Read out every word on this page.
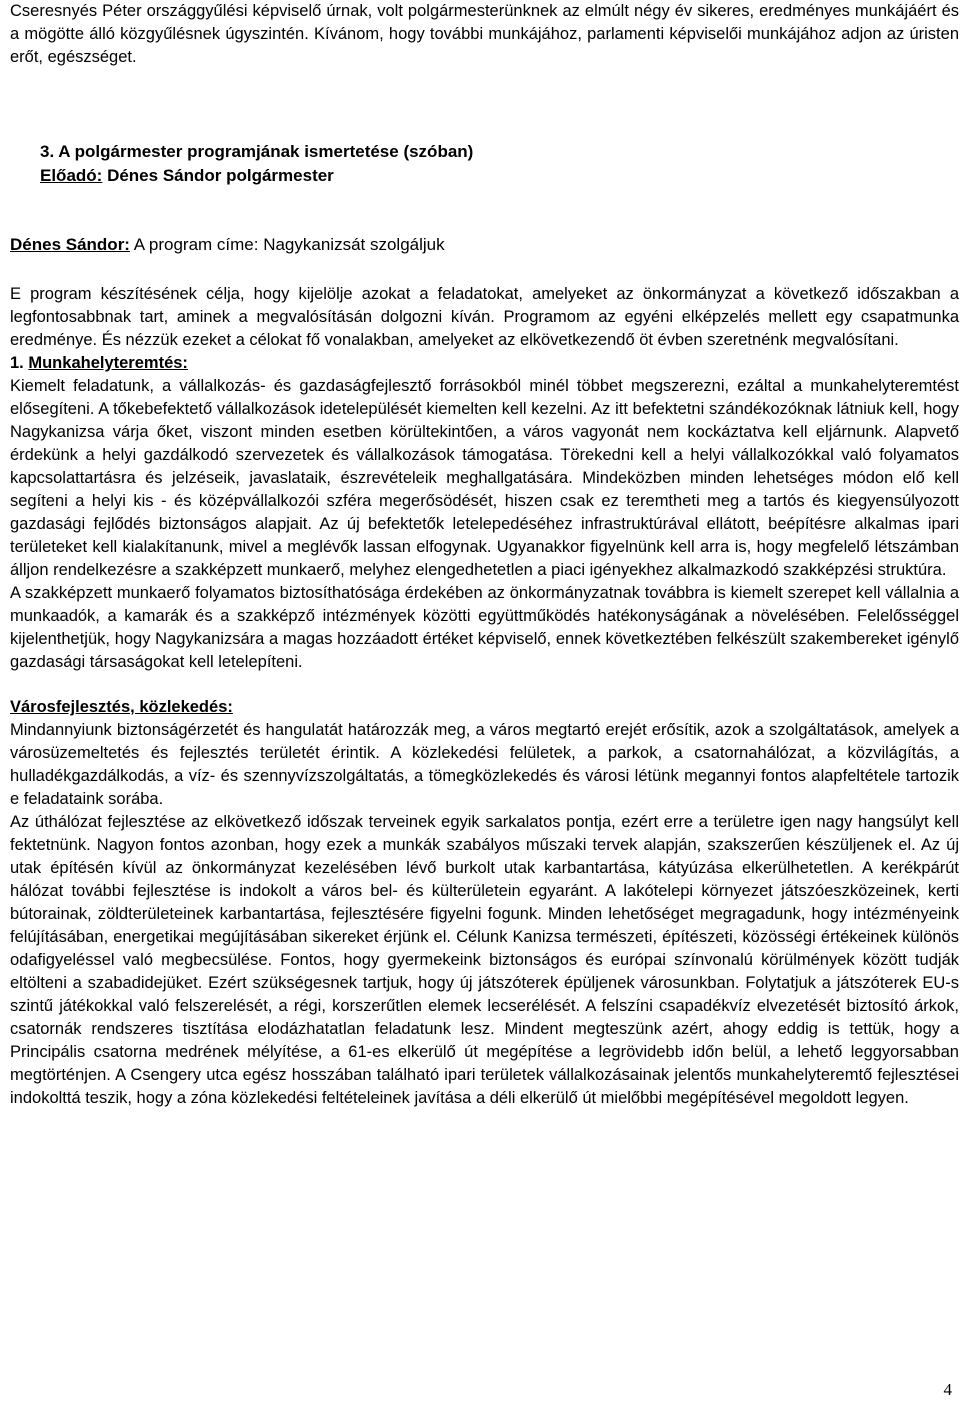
Cseresnyés Péter országgyűlési képviselő úrnak, volt polgármesterünknek az elmúlt négy év sikeres, eredményes munkájáért és a mögötte álló közgyűlésnek úgyszintén. Kívánom, hogy további munkájához, parlamenti képviselői munkájához adjon az úristen erőt, egészséget.

3. A polgármester programjának ismertetése (szóban)

Előadó: Dénes Sándor polgármester

Dénes Sándor: A program címe: Nagykanizsát szolgáljuk

E program készítésének célja, hogy kijelölje azokat a feladatokat, amelyeket az önkormányzat a következő időszakban a legfontosabbnak tart, aminek a megvalósításán dolgozni kíván. Programom az egyéni elképzelés mellett egy csapatmunka eredménye. És nézzük ezeket a célokat fő vonalakban, amelyeket az elkövetkezendő öt évben szeretnénk megvalósítani.

1. Munkahelyteremtés:

Kiemelt feladatunk, a vállalkozás- és gazdaságfejlesztő forrásokból minél többet megszerezni, ezáltal a munkahelyteremtést elősegíteni. A tőkebefektető vállalkozások idetelepülését kiemelten kell kezelni. Az itt befektetni szándékozóknak látniuk kell, hogy Nagykanizsa várja őket, viszont minden esetben körültekintően, a város vagyonát nem kockáztatva kell eljárnunk. Alapvető érdekünk a helyi gazdálkodó szervezetek és vállalkozások támogatása. Törekedni kell a helyi vállalkozókkal való folyamatos kapcsolattartásra és jelzéseik, javaslataik, észrevételeik meghallgatására. Mindeközben minden lehetséges módon elő kell segíteni a helyi kis - és középvállalkozói szféra megerősödését, hiszen csak ez teremtheti meg a tartós és kiegyensúlyozott gazdasági fejlődés biztonságos alapjait. Az új befektetők letelepedéséhez infrastruktúrával ellátott, beépítésre alkalmas ipari területeket kell kialakítanunk, mivel a meglévők lassan elfogynak. Ugyanakkor figyelnünk kell arra is, hogy megfelelő létszámban álljon rendelkezésre a szakképzett munkaerő, melyhez elengedhetetlen a piaci igényekhez alkalmazkodó szakképzési struktúra.

A szakképzett munkaerő folyamatos biztosíthatósága érdekében az önkormányzatnak továbbra is kiemelt szerepet kell vállalnia a munkaadók, a kamarák és a szakképző intézmények közötti együttműködés hatékonyságának a növelésében. Felelősséggel kijelenthetjük, hogy Nagykanizsára a magas hozzáadott értéket képviselő, ennek következtében felkészült szakembereket igénylő gazdasági társaságokat kell letelepíteni.

Városfejlesztés, közlekedés:

Mindannyiunk biztonságérzetét és hangulatát határozzák meg, a város megtartó erejét erősítik, azok a szolgáltatások, amelyek a városüzemeltetés és fejlesztés területét érintik. A közlekedési felületek, a parkok, a csatornahálózat, a közvilágítás, a hulladékgazdálkodás, a víz- és szennyvízszolgáltatás, a tömegközlekedés és városi létünk megannyi fontos alapfeltétele tartozik e feladataink sorába.

Az úthálózat fejlesztése az elkövetkező időszak terveinek egyik sarkalatos pontja, ezért erre a területre igen nagy hangsúlyt kell fektetnünk. Nagyon fontos azonban, hogy ezek a munkák szabályos műszaki tervek alapján, szakszerűen készüljenek el. Az új utak építésén kívül az önkormányzat kezelésében lévő burkolt utak karbantartása, kátyúzása elkerülhetetlen. A kerékpárút hálózat további fejlesztése is indokolt a város bel- és külterületein egyaránt. A lakótelepi környezet játszóeszközeinek, kerti bútorainak, zöldterületeinek karbantartása, fejlesztésére figyelni fogunk. Minden lehetőséget megragadunk, hogy intézményeink felújításában, energetikai megújításában sikereket érjünk el. Célunk Kanizsa természeti, építészeti, közösségi értékeinek különös odafigyeléssel való megbecsülése. Fontos, hogy gyermekeink biztonságos és európai színvonalú körülmények között tudják eltölteni a szabadidejüket. Ezért szükségesnek tartjuk, hogy új játszóterek épüljenek városunkban. Folytatjuk a játszóterek EU-s szintű játékokkal való felszerelését, a régi, korszerűtlen elemek lecserélését. A felszíni csapadékvíz elvezetését biztosító árkok, csatornák rendszeres tisztítása elodázhatatlan feladatunk lesz. Mindent megteszünk azért, ahogy eddig is tettük, hogy a Principális csatorna medrének mélyítése, a 61-es elkerülő út megépítése a legrövidebb időn belül, a lehető leggyorsabban megtörténjen. A Csengery utca egész hosszában található ipari területek vállalkozásainak jelentős munkahelyteremtő fejlesztései indokolttá teszik, hogy a zóna közlekedési feltételeinek javítása a déli elkerülő út mielőbbi megépítésével megoldott legyen.

4
